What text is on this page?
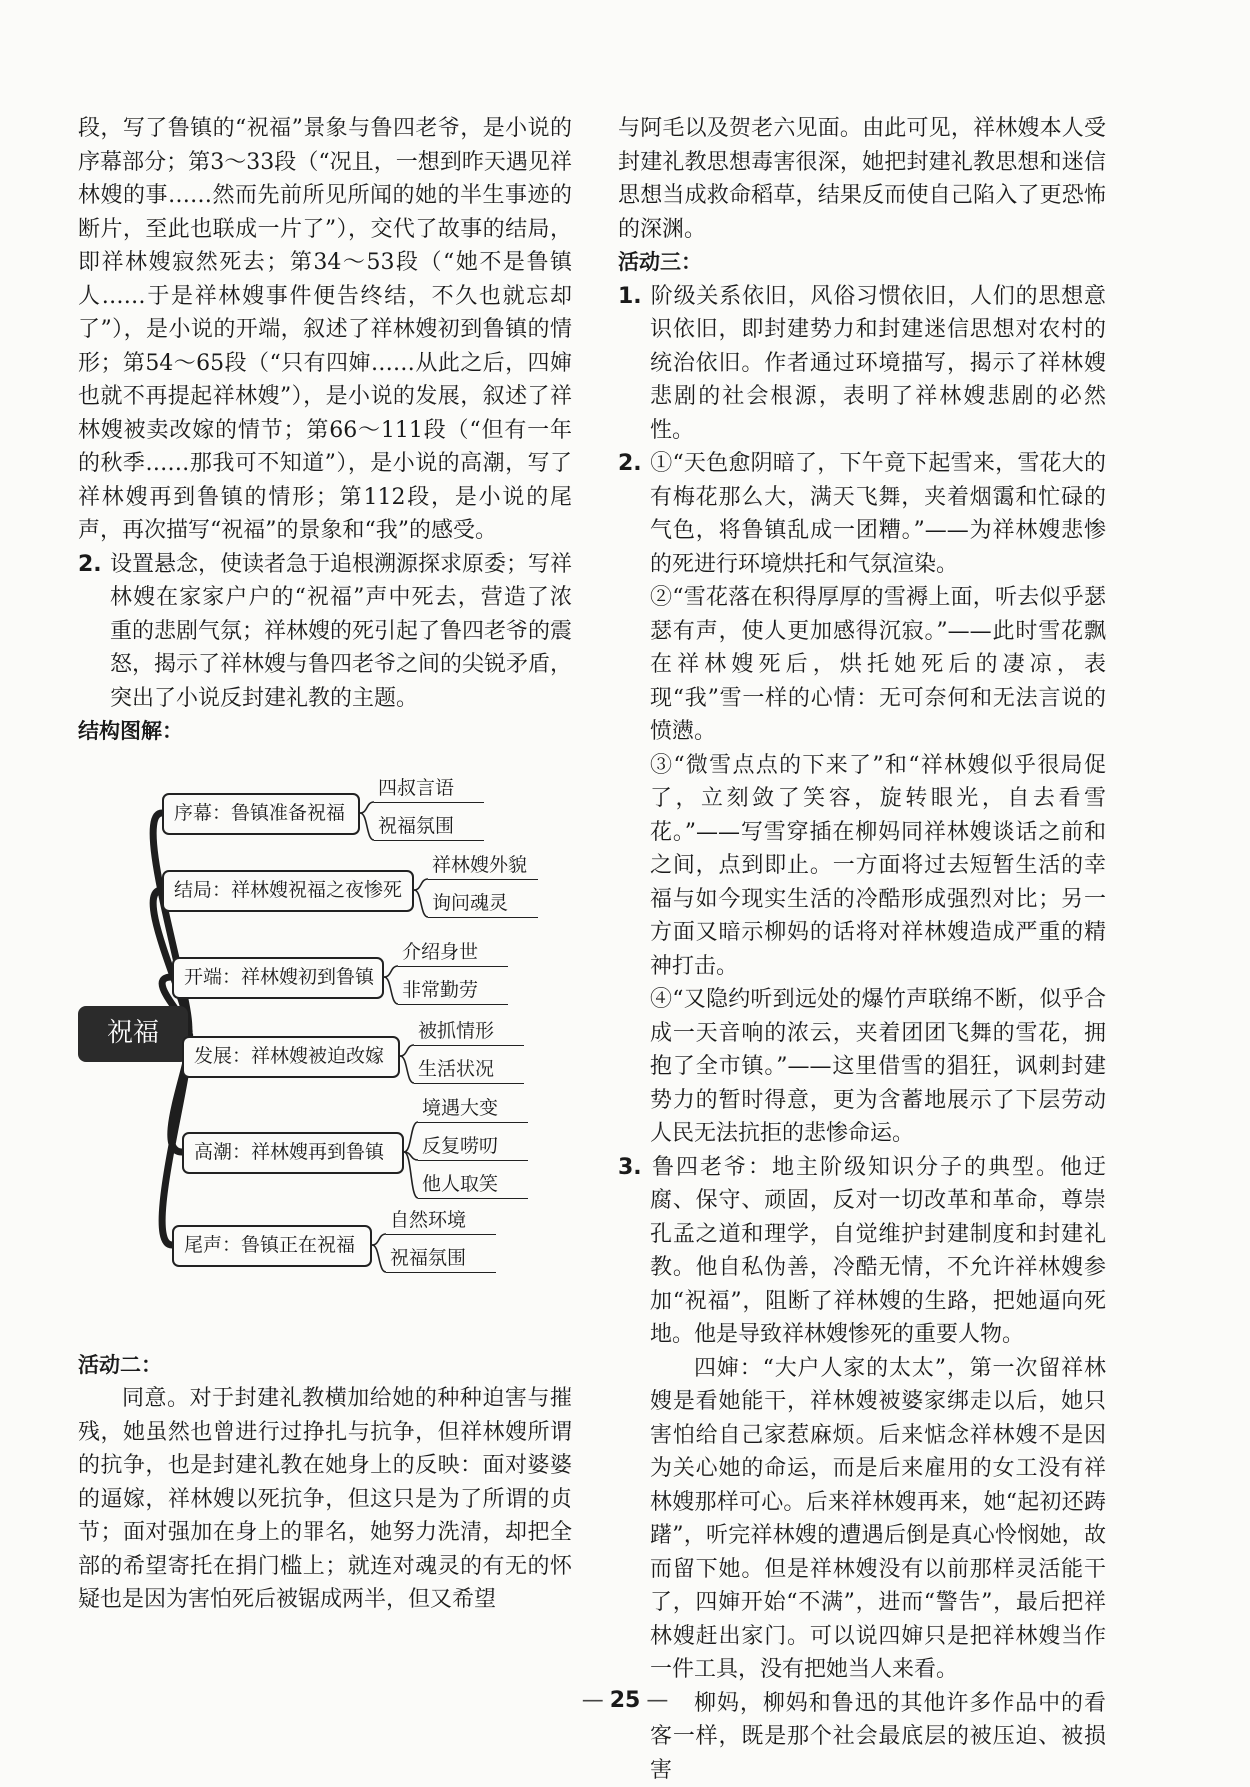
段，写了鲁镇的“祝福”景象与鲁四老爷，是小说的序幕部分；第3～33段（“况且，一想到昨天遇见祥林嫂的事……然而先前所见所闻的她的半生事迹的断片，至此也联成一片了”），交代了故事的结局，即祥林嫂寂然死去；第34～53段（“她不是鲁镇人……于是祥林嫂事件便告终结，不久也就忘却了”），是小说的开端，叙述了祥林嫂初到鲁镇的情形；第54～65段（“只有四婶……从此之后，四婶也就不再提起祥林嫂”），是小说的发展，叙述了祥林嫂被卖改嫁的情节；第66～111段（“但有一年的秋季……那我可不知道”），是小说的高潮，写了祥林嫂再到鲁镇的情形；第112段，是小说的尾声，再次描写“祝福”的景象和“我”的感受。

2. 设置悬念，使读者急于追根溯源探求原委；写祥林嫂在家家户户的“祝福”声中死去，营造了浓重的悲剧气氛；祥林嫂的死引起了鲁四老爷的震怒，揭示了祥林嫂与鲁四老爷之间的尖锐矛盾，突出了小说反封建礼教的主题。

结构图解：

祝福
序幕：鲁镇准备祝福
四叔言语
祝福氛围
结局：祥林嫂祝福之夜惨死
祥林嫂外貌
询问魂灵
开端：祥林嫂初到鲁镇
介绍身世
非常勤劳
发展：祥林嫂被迫改嫁
被抓情形
生活状况
高潮：祥林嫂再到鲁镇
境遇大变
反复唠叨
他人取笑
尾声：鲁镇正在祝福
自然环境
祝福氛围

活动二：

同意。对于封建礼教横加给她的种种迫害与摧残，她虽然也曾进行过挣扎与抗争，但祥林嫂所谓的抗争，也是封建礼教在她身上的反映：面对婆婆的逼嫁，祥林嫂以死抗争，但这只是为了所谓的贞节；面对强加在身上的罪名，她努力洗清，却把全部的希望寄托在捐门槛上；就连对魂灵的有无的怀疑也是因为害怕死后被锯成两半，但又希望

与阿毛以及贺老六见面。由此可见，祥林嫂本人受封建礼教思想毒害很深，她把封建礼教思想和迷信思想当成救命稻草，结果反而使自己陷入了更恐怖的深渊。

活动三：

1. 阶级关系依旧，风俗习惯依旧，人们的思想意识依旧，即封建势力和封建迷信思想对农村的统治依旧。作者通过环境描写，揭示了祥林嫂悲剧的社会根源，表明了祥林嫂悲剧的必然性。

2. ①“天色愈阴暗了，下午竟下起雪来，雪花大的有梅花那么大，满天飞舞，夹着烟霭和忙碌的气色，将鲁镇乱成一团糟。”——为祥林嫂悲惨的死进行环境烘托和气氛渲染。

②“雪花落在积得厚厚的雪褥上面，听去似乎瑟瑟有声，使人更加感得沉寂。”——此时雪花飘在祥林嫂死后，烘托她死后的凄凉，表现“我”雪一样的心情：无可奈何和无法言说的愤懑。

③“微雪点点的下来了”和“祥林嫂似乎很局促了，立刻敛了笑容，旋转眼光，自去看雪花。”——写雪穿插在柳妈同祥林嫂谈话之前和之间，点到即止。一方面将过去短暂生活的幸福与如今现实生活的冷酷形成强烈对比；另一方面又暗示柳妈的话将对祥林嫂造成严重的精神打击。

④“又隐约听到远处的爆竹声联绵不断，似乎合成一天音响的浓云，夹着团团飞舞的雪花，拥抱了全市镇。”——这里借雪的猖狂，讽刺封建势力的暂时得意，更为含蓄地展示了下层劳动人民无法抗拒的悲惨命运。

3. 鲁四老爷：地主阶级知识分子的典型。他迂腐、保守、顽固，反对一切改革和革命，尊崇孔孟之道和理学，自觉维护封建制度和封建礼教。他自私伪善，冷酷无情，不允许祥林嫂参加“祝福”，阻断了祥林嫂的生路，把她逼向死地。他是导致祥林嫂惨死的重要人物。

四婶：“大户人家的太太”，第一次留祥林嫂是看她能干，祥林嫂被婆家绑走以后，她只害怕给自己家惹麻烦。后来惦念祥林嫂不是因为关心她的命运，而是后来雇用的女工没有祥林嫂那样可心。后来祥林嫂再来，她“起初还踌躇”，听完祥林嫂的遭遇后倒是真心怜悯她，故而留下她。但是祥林嫂没有以前那样灵活能干了，四婶开始“不满”，进而“警告”，最后把祥林嫂赶出家门。可以说四婶只是把祥林嫂当作一件工具，没有把她当人来看。

柳妈，柳妈和鲁迅的其他许多作品中的看客一样，既是那个社会最底层的被压迫、被损害

— 25 —
